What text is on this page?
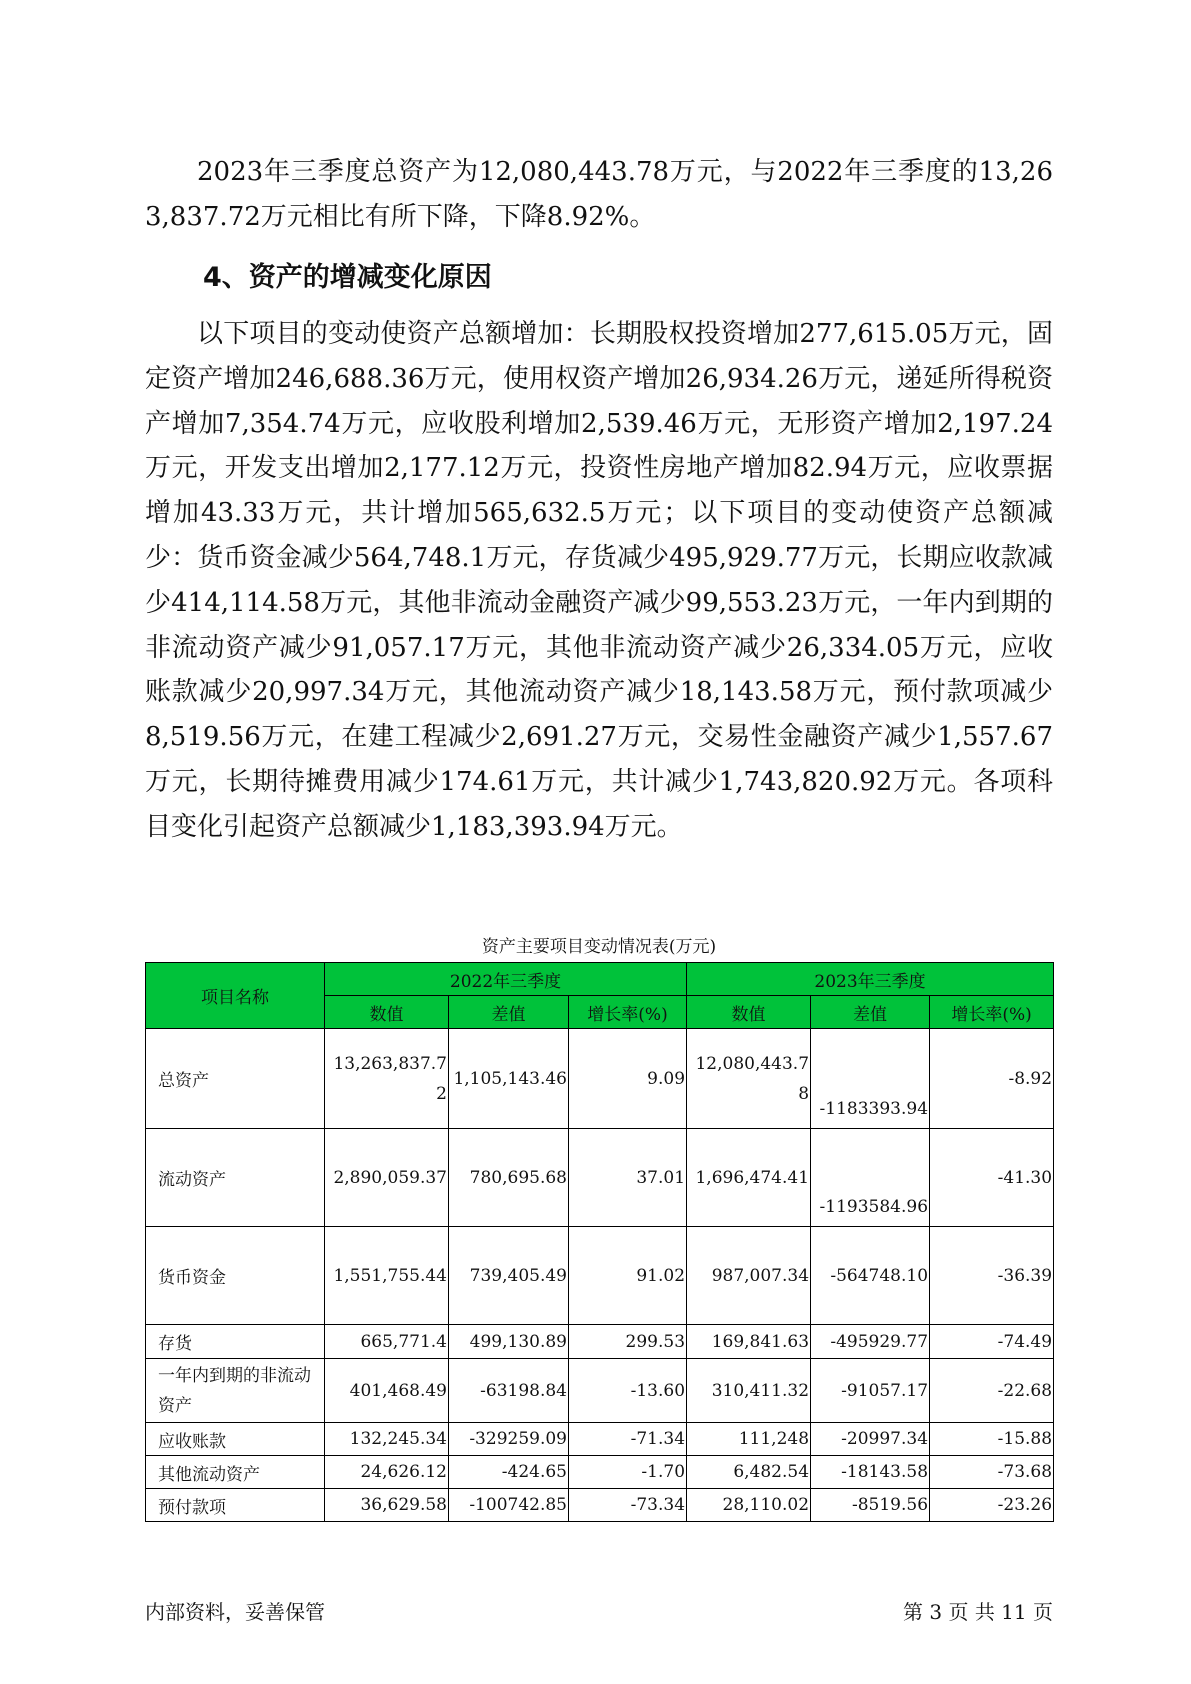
2023年三季度总资产为12,080,443.78万元，与2022年三季度的13,263,837.72万元相比有所下降，下降8.92%。

4、资产的增减变化原因

以下项目的变动使资产总额增加：长期股权投资增加277,615.05万元，固定资产增加246,688.36万元，使用权资产增加26,934.26万元，递延所得税资产增加7,354.74万元，应收股利增加2,539.46万元，无形资产增加2,197.24万元，开发支出增加2,177.12万元，投资性房地产增加82.94万元，应收票据增加43.33万元，共计增加565,632.5万元；以下项目的变动使资产总额减少：货币资金减少564,748.1万元，存货减少495,929.77万元，长期应收款减少414,114.58万元，其他非流动金融资产减少99,553.23万元，一年内到期的非流动资产减少91,057.17万元，其他非流动资产减少26,334.05万元，应收账款减少20,997.34万元，其他流动资产减少18,143.58万元，预付款项减少8,519.56万元，在建工程减少2,691.27万元，交易性金融资产减少1,557.67万元，长期待摊费用减少174.61万元，共计减少1,743,820.92万元。各项科目变化引起资产总额减少1,183,393.94万元。

资产主要项目变动情况表(万元)
项目名称	2022年三季度			2023年三季度		
	数值	差值	增长率(%)	数值	差值	增长率(%)
总资产	13,263,837.72	1,105,143.46	9.09	12,080,443.78	-1183393.94	-8.92
流动资产	2,890,059.37	780,695.68	37.01	1,696,474.41	-1193584.96	-41.30
货币资金	1,551,755.44	739,405.49	91.02	987,007.34	-564748.10	-36.39
存货	665,771.4	499,130.89	299.53	169,841.63	-495929.77	-74.49
一年内到期的非流动资产	401,468.49	-63198.84	-13.60	310,411.32	-91057.17	-22.68
应收账款	132,245.34	-329259.09	-71.34	111,248	-20997.34	-15.88
其他流动资产	24,626.12	-424.65	-1.70	6,482.54	-18143.58	-73.68
预付款项	36,629.58	-100742.85	-73.34	28,110.02	-8519.56	-23.26
内部资料，妥善保管	第 3 页 共 11 页
